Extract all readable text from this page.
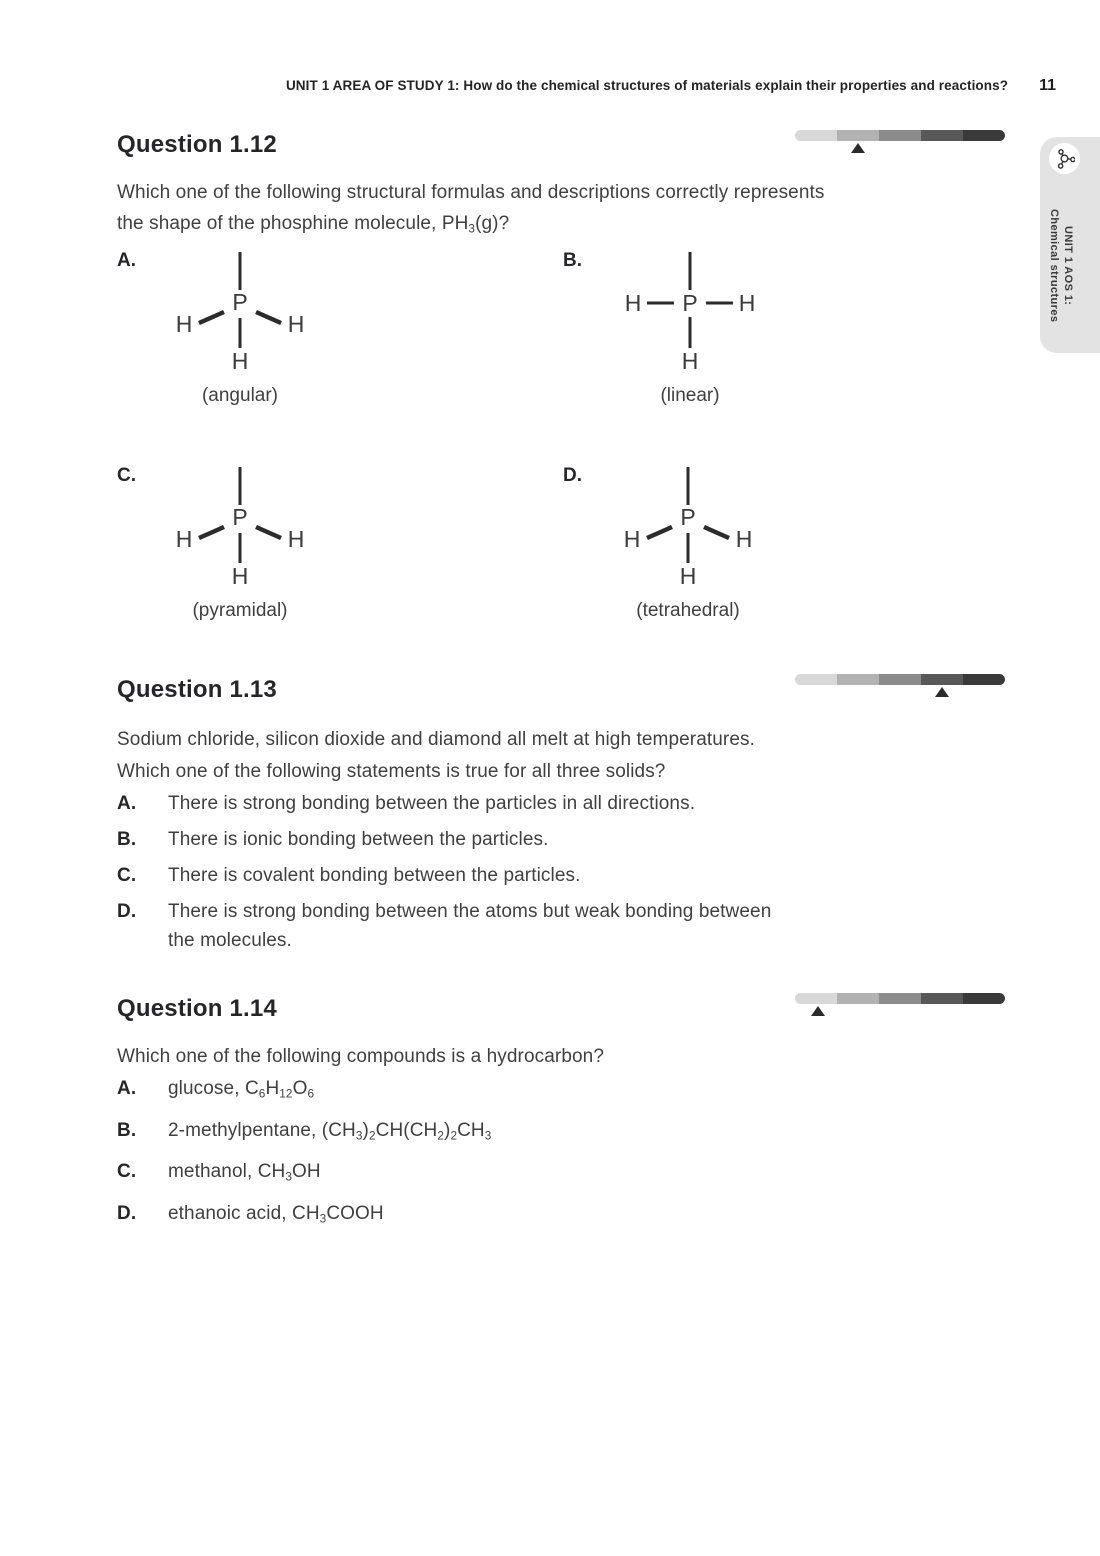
UNIT 1 AREA OF STUDY 1: How do the chemical structures of materials explain their properties and reactions? 11
Question 1.12
Which one of the following structural formulas and descriptions correctly represents
the shape of the phosphine molecule, $PH_3(g)$?
A.
P
H	H
H
(angular)
B.
H P H
H
(linear)
C.
P
H	H
H
(pyramidal)
D.
P
H	H
H
(tetrahedral)
Question 1.13
Sodium chloride, silicon dioxide and diamond all melt at high temperatures.
Which one of the following statements is true for all three solids?
A. There is strong bonding between the particles in all directions.
B. There is ionic bonding between the particles.
C. There is covalent bonding between the particles.
D. There is strong bonding between the atoms but weak bonding between
the molecules.
Question 1.14
Which one of the following compounds is a hydrocarbon?
A. glucose, $C_6H_{12}O_6$
B. 2-methylpentane, $(CH_3)_2CH(CH_2)_2CH_3$
C. methanol, $CH_3OH$
D. ethanoic acid, $CH_3COOH$
UNIT 1 AOS 1:
Chemical structures
